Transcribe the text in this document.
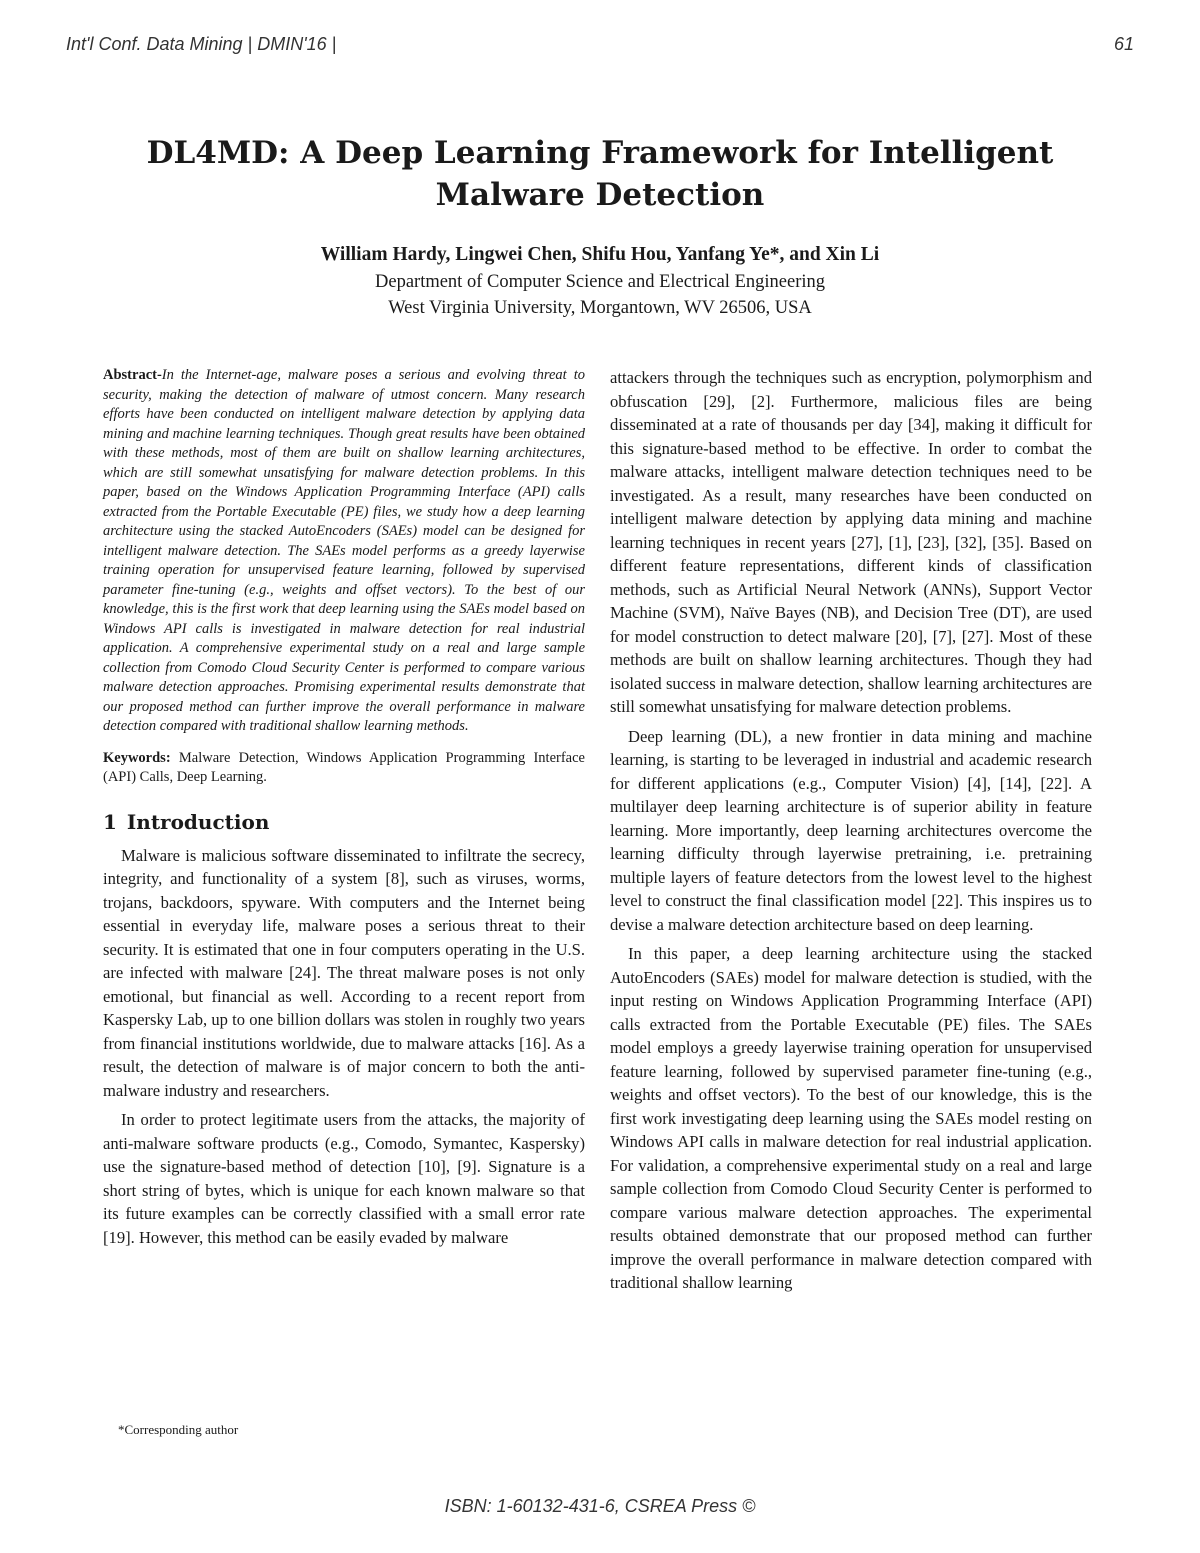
Int'l Conf. Data Mining | DMIN'16 |	61
DL4MD: A Deep Learning Framework for Intelligent Malware Detection
William Hardy, Lingwei Chen, Shifu Hou, Yanfang Ye*, and Xin Li
Department of Computer Science and Electrical Engineering
West Virginia University, Morgantown, WV 26506, USA

Abstract-In the Internet-age, malware poses a serious and evolving threat to security, making the detection of malware of utmost concern. Many research efforts have been conducted on intelligent malware detection by applying data mining and machine learning techniques. Though great results have been obtained with these methods, most of them are built on shallow learning architectures, which are still somewhat unsatisfying for malware detection problems. In this paper, based on the Windows Application Programming Interface (API) calls extracted from the Portable Executable (PE) files, we study how a deep learning architecture using the stacked AutoEncoders (SAEs) model can be designed for intelligent malware detection. The SAEs model performs as a greedy layerwise training operation for unsupervised feature learning, followed by supervised parameter fine-tuning (e.g., weights and offset vectors). To the best of our knowledge, this is the first work that deep learning using the SAEs model based on Windows API calls is investigated in malware detection for real industrial application. A comprehensive experimental study on a real and large sample collection from Comodo Cloud Security Center is performed to compare various malware detection approaches. Promising experimental results demonstrate that our proposed method can further improve the overall performance in malware detection compared with traditional shallow learning methods.

Keywords: Malware Detection, Windows Application Programming Interface (API) Calls, Deep Learning.

1 Introduction

Malware is malicious software disseminated to infiltrate the secrecy, integrity, and functionality of a system [8], such as viruses, worms, trojans, backdoors, spyware. With computers and the Internet being essential in everyday life, malware poses a serious threat to their security. It is estimated that one in four computers operating in the U.S. are infected with malware [24]. The threat malware poses is not only emotional, but financial as well. According to a recent report from Kaspersky Lab, up to one billion dollars was stolen in roughly two years from financial institutions worldwide, due to malware attacks [16]. As a result, the detection of malware is of major concern to both the anti-malware industry and researchers.

In order to protect legitimate users from the attacks, the majority of anti-malware software products (e.g., Comodo, Symantec, Kaspersky) use the signature-based method of detection [10], [9]. Signature is a short string of bytes, which is unique for each known malware so that its future examples can be correctly classified with a small error rate [19]. However, this method can be easily evaded by malware

*Corresponding author

attackers through the techniques such as encryption, polymorphism and obfuscation [29], [2]. Furthermore, malicious files are being disseminated at a rate of thousands per day [34], making it difficult for this signature-based method to be effective. In order to combat the malware attacks, intelligent malware detection techniques need to be investigated. As a result, many researches have been conducted on intelligent malware detection by applying data mining and machine learning techniques in recent years [27], [1], [23], [32], [35]. Based on different feature representations, different kinds of classification methods, such as Artificial Neural Network (ANNs), Support Vector Machine (SVM), Naïve Bayes (NB), and Decision Tree (DT), are used for model construction to detect malware [20], [7], [27]. Most of these methods are built on shallow learning architectures. Though they had isolated success in malware detection, shallow learning architectures are still somewhat unsatisfying for malware detection problems.

Deep learning (DL), a new frontier in data mining and machine learning, is starting to be leveraged in industrial and academic research for different applications (e.g., Computer Vision) [4], [14], [22]. A multilayer deep learning architecture is of superior ability in feature learning. More importantly, deep learning architectures overcome the learning difficulty through layerwise pretraining, i.e. pretraining multiple layers of feature detectors from the lowest level to the highest level to construct the final classification model [22]. This inspires us to devise a malware detection architecture based on deep learning.

In this paper, a deep learning architecture using the stacked AutoEncoders (SAEs) model for malware detection is studied, with the input resting on Windows Application Programming Interface (API) calls extracted from the Portable Executable (PE) files. The SAEs model employs a greedy layerwise training operation for unsupervised feature learning, followed by supervised parameter fine-tuning (e.g., weights and offset vectors). To the best of our knowledge, this is the first work investigating deep learning using the SAEs model resting on Windows API calls in malware detection for real industrial application. For validation, a comprehensive experimental study on a real and large sample collection from Comodo Cloud Security Center is performed to compare various malware detection approaches. The experimental results obtained demonstrate that our proposed method can further improve the overall performance in malware detection compared with traditional shallow learning

ISBN: 1-60132-431-6, CSREA Press ©
